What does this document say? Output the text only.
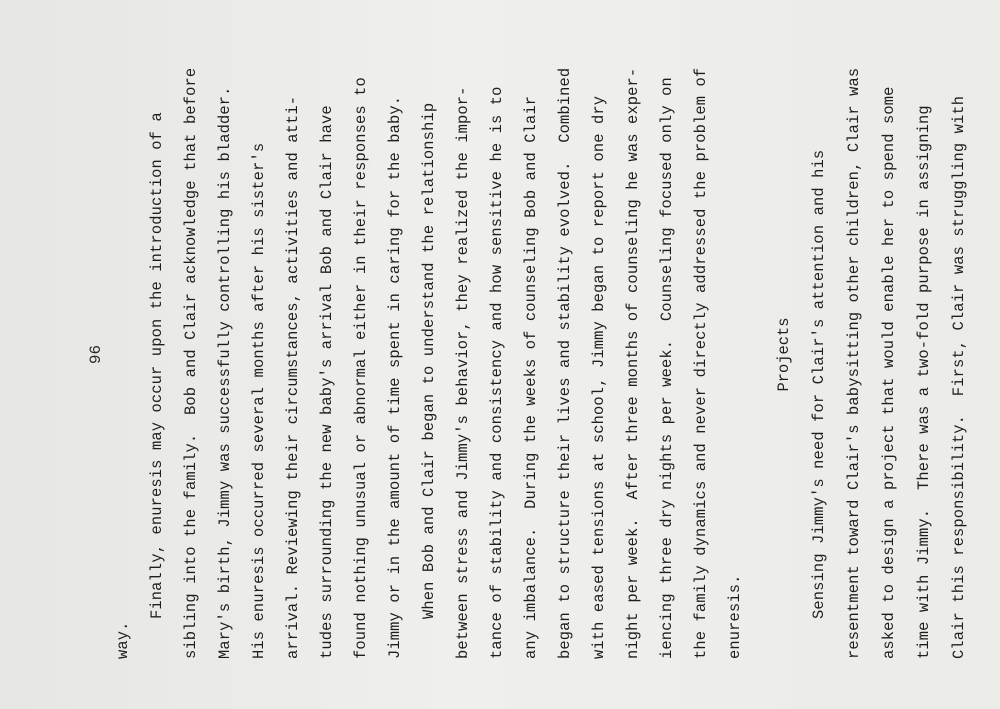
96
way.
Finally, enuresis may occur upon the introduction of a sibling into the family.  Bob and Clair acknowledge that before Mary's birth, Jimmy was successfully controlling his bladder. His enuresis occurred several months after his sister's arrival. Reviewing their circumstances, activities and atti- tudes surrounding the new baby's arrival Bob and Clair have found nothing unusual or abnormal either in their responses to Jimmy or in the amount of time spent in caring for the baby. When Bob and Clair began to understand the relationship between stress and Jimmy's behavior, they realized the impor- tance of stability and consistency and how sensitive he is to any imbalance.  During the weeks of counseling Bob and Clair began to structure their lives and stability evolved.  Combined with eased tensions at school, Jimmy began to report one dry night per week.  After three months of counseling he was exper- iencing three dry nights per week.  Counseling focused only on the family dynamics and never directly addressed the problem of enuresis.
Projects Sensing Jimmy's need for Clair's attention and his resentment toward Clair's babysitting other children, Clair was asked to design a project that would enable her to spend some time with Jimmy.  There was a two-fold purpose in assigning Clair this responsibility.  First, Clair was struggling with
